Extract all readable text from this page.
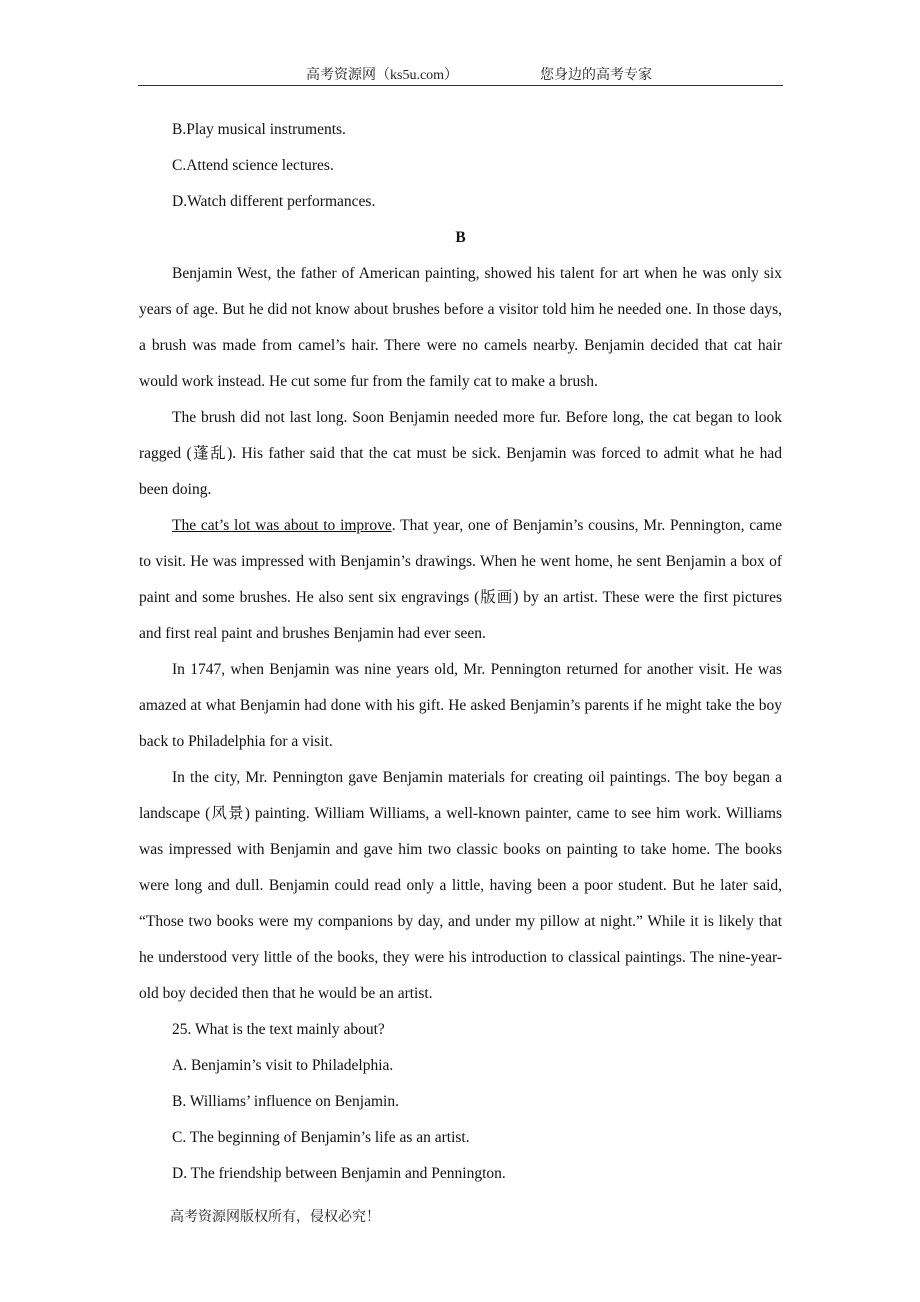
高考资源网（ks5u.com）	您身边的高考专家
B.Play musical instruments.
C.Attend science lectures.
D.Watch different performances.
B

Benjamin West, the father of American painting, showed his talent for art when he was only six years of age. But he did not know about brushes before a visitor told him he needed one. In those days, a brush was made from camel’s hair. There were no camels nearby. Benjamin decided that cat hair would work instead. He cut some fur from the family cat to make a brush.

The brush did not last long. Soon Benjamin needed more fur. Before long, the cat began to look ragged (蓬乱). His father said that the cat must be sick. Benjamin was forced to admit what he had been doing.

The cat’s lot was about to improve. That year, one of Benjamin’s cousins, Mr. Pennington, came to visit. He was impressed with Benjamin’s drawings. When he went home, he sent Benjamin a box of paint and some brushes. He also sent six engravings (版画) by an artist. These were the first pictures and first real paint and brushes Benjamin had ever seen.

In 1747, when Benjamin was nine years old, Mr. Pennington returned for another visit. He was amazed at what Benjamin had done with his gift. He asked Benjamin’s parents if he might take the boy back to Philadelphia for a visit.

In the city, Mr. Pennington gave Benjamin materials for creating oil paintings. The boy began a landscape (风景) painting. William Williams, a well-known painter, came to see him work. Williams was impressed with Benjamin and gave him two classic books on painting to take home. The books were long and dull. Benjamin could read only a little, having been a poor student. But he later said, “Those two books were my companions by day, and under my pillow at night.” While it is likely that he understood very little of the books, they were his introduction to classical paintings. The nine-year-old boy decided then that he would be an artist.

25. What is the text mainly about?
A. Benjamin’s visit to Philadelphia.
B. Williams’ influence on Benjamin.
C. The beginning of Benjamin’s life as an artist.
D. The friendship between Benjamin and Pennington.
高考资源网版权所有，侵权必究！
